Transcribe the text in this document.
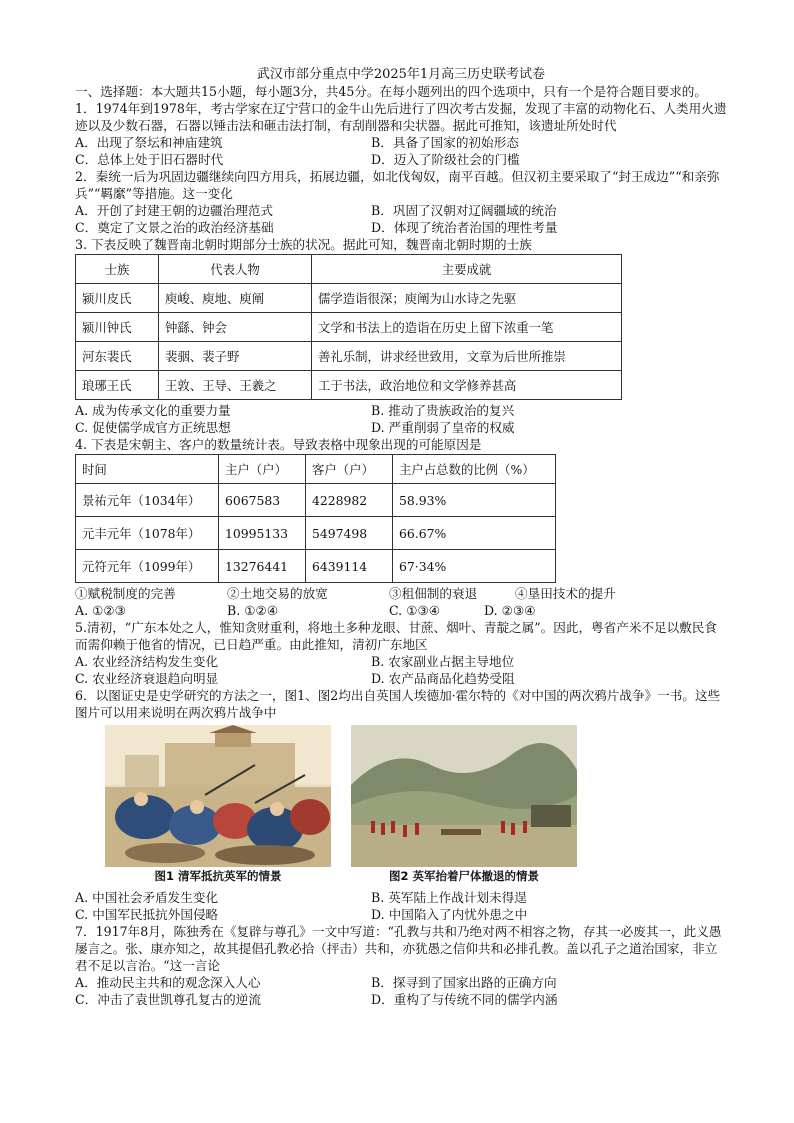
武汉市部分重点中学2025年1月高三历史联考试卷

一、选择题：本大题共15小题，每小题3分，共45分。在每小题列出的四个选项中，只有一个是符合题目要求的。

1．1974年到1978年，考古学家在辽宁营口的金牛山先后进行了四次考古发掘，发现了丰富的动物化石、人类用火遗迹以及少数石器，石器以锤击法和砸击法打制，有刮削器和尖状器。据此可推知，该遗址所处时代

A．出现了祭坛和神庙建筑	B．具备了国家的初始形态
C．总体上处于旧石器时代	D．迈入了阶级社会的门槛

2．秦统一后为巩固边疆继续向四方用兵，拓展边疆，如北伐匈奴，南平百越。但汉初主要采取了“封王成边”“和亲弥兵”“羁縻”等措施。这一变化

A．开创了封建王朝的边疆治理范式	B．巩固了汉朝对辽阔疆域的统治
C．奠定了文景之治的政治经济基础	D．体现了统治者治国的理性考量

3. 下表反映了魏晋南北朝时期部分士族的状况。据此可知，魏晋南北朝时期的士族

士族	代表人物	主要成就
颍川皮氏	庾峻、庾地、庾阐	儒学造诣很深；庾阐为山水诗之先驱
颍川钟氏	钟繇、钟会	文学和书法上的造诣在历史上留下浓重一笔
河东裴氏	裴骃、裴子野	善礼乐制，讲求经世致用，文章为后世所推崇
琅琊王氏	王敦、王导、王羲之	工于书法，政治地位和文学修养甚高
A. 成为传承文化的重要力量	B. 推动了贵族政治的复兴
C. 促使儒学成官方正统思想	D. 严重削弱了皇帝的权威

4. 下表是宋朝主、客户的数量统计表。导致表格中现象出现的可能原因是

时间	主户（户）	客户（户）	主户占总数的比例（%）
景祐元年（1034年）	6067583	4228982	58.93%
元丰元年（1078年）	10995133	5497498	66.67%
元符元年（1099年）	13276441	6439114	67·34%
①赋税制度的完善	②土地交易的放宽	③租佃制的衰退	④垦田技术的提升
A. ①②③	B. ①②④	C. ①③④	D. ②③④

5.清初，“广东本处之人，惟知贪财重利，将地土多种龙眼、甘蔗、烟叶、青靛之属”。因此，粤省产米不足以敷民食而需仰赖于他省的情况，已日趋严重。由此推知，清初广东地区

A. 农业经济结构发生变化	B. 农家副业占据主导地位
C. 农业经济衰退趋向明显	D. 农产品商品化趋势受阻

6．以图证史是史学研究的方法之一，图1、图2均出自英国人埃德加·霍尔特的《对中国的两次鸦片战争》一书。这些图片可以用来说明在两次鸦片战争中

图1 清军抵抗英军的情景	图2 英军抬着尸体撤退的情景
A. 中国社会矛盾发生变化	B. 英军陆上作战计划未得逞
C. 中国军民抵抗外国侵略	D. 中国陷入了内忧外患之中

7．1917年8月，陈独秀在《复辟与尊孔》一文中写道：“孔教与共和乃绝对两不相容之物，存其一必废其一，此义愚屡言之。张、康亦知之，故其提倡孔教必拾（抨击）共和，亦犹愚之信仰共和必排孔教。盖以孔子之道治国家，非立君不足以言治。“这一言论

A．推动民主共和的观念深入人心	B．探寻到了国家出路的正确方向
C．冲击了袁世凯尊孔复古的逆流	D．重构了与传统不同的儒学内涵
